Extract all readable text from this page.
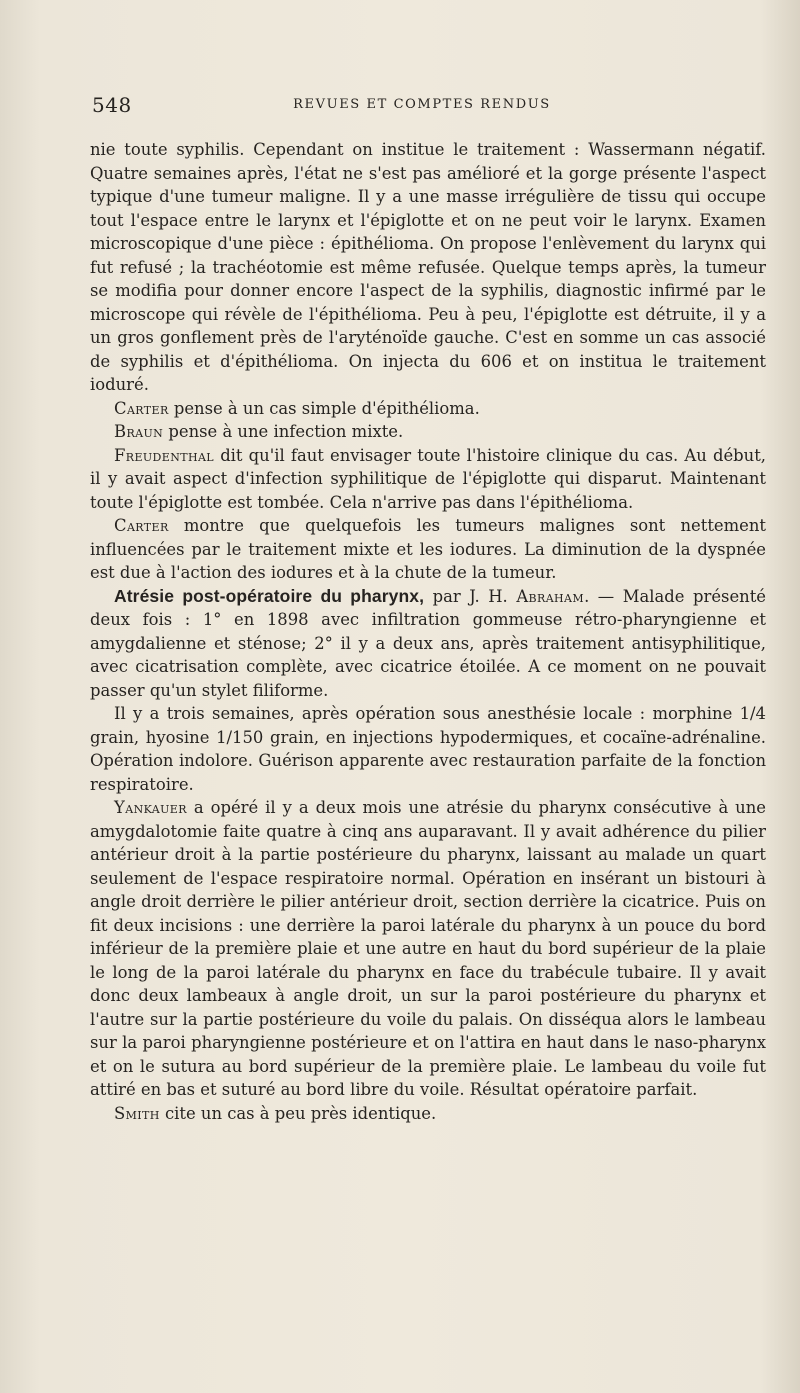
548	REVUES ET COMPTES RENDUS

nie toute syphilis. Cependant on institue le traitement : Wassermann négatif. Quatre semaines après, l'état ne s'est pas amélioré et la gorge présente l'aspect typique d'une tumeur maligne. Il y a une masse irrégulière de tissu qui occupe tout l'espace entre le larynx et l'épiglotte et on ne peut voir le larynx. Examen microscopique d'une pièce : épithélioma. On propose l'enlèvement du larynx qui fut refusé ; la trachéotomie est même refusée. Quelque temps après, la tumeur se modifia pour donner encore l'aspect de la syphilis, diagnostic infirmé par le microscope qui révèle de l'épithélioma. Peu à peu, l'épiglotte est détruite, il y a un gros gonflement près de l'aryténoïde gauche. C'est en somme un cas associé de syphilis et d'épithélioma. On injecta du 606 et on institua le traitement ioduré.

Carter pense à un cas simple d'épithélioma.

Braun pense à une infection mixte.

Freudenthal dit qu'il faut envisager toute l'histoire clinique du cas. Au début, il y avait aspect d'infection syphilitique de l'épiglotte qui disparut. Maintenant toute l'épiglotte est tombée. Cela n'arrive pas dans l'épithélioma.

Carter montre que quelquefois les tumeurs malignes sont nettement influencées par le traitement mixte et les iodures. La diminution de la dyspnée est due à l'action des iodures et à la chute de la tumeur.

Atrésie post-opératoire du pharynx, par J. H. Abraham. — Malade présenté deux fois : 1° en 1898 avec infiltration gommeuse rétro-pharyngienne et amygdalienne et sténose; 2° il y a deux ans, après traitement antisyphilitique, avec cicatrisation complète, avec cicatrice étoilée. A ce moment on ne pouvait passer qu'un stylet filiforme.

Il y a trois semaines, après opération sous anesthésie locale : morphine 1/4 grain, hyosine 1/150 grain, en injections hypodermiques, et cocaïne-adrénaline. Opération indolore. Guérison apparente avec restauration parfaite de la fonction respiratoire.

Yankauer a opéré il y a deux mois une atrésie du pharynx consécutive à une amygdalotomie faite quatre à cinq ans auparavant. Il y avait adhérence du pilier antérieur droit à la partie postérieure du pharynx, laissant au malade un quart seulement de l'espace respiratoire normal. Opération en insérant un bistouri à angle droit derrière le pilier antérieur droit, section derrière la cicatrice. Puis on fit deux incisions : une derrière la paroi latérale du pharynx à un pouce du bord inférieur de la première plaie et une autre en haut du bord supérieur de la plaie le long de la paroi latérale du pharynx en face du trabécule tubaire. Il y avait donc deux lambeaux à angle droit, un sur la paroi postérieure du pharynx et l'autre sur la partie postérieure du voile du palais. On disséqua alors le lambeau sur la paroi pharyngienne postérieure et on l'attira en haut dans le naso-pharynx et on le sutura au bord supérieur de la première plaie. Le lambeau du voile fut attiré en bas et suturé au bord libre du voile. Résultat opératoire parfait.

Smith cite un cas à peu près identique.
